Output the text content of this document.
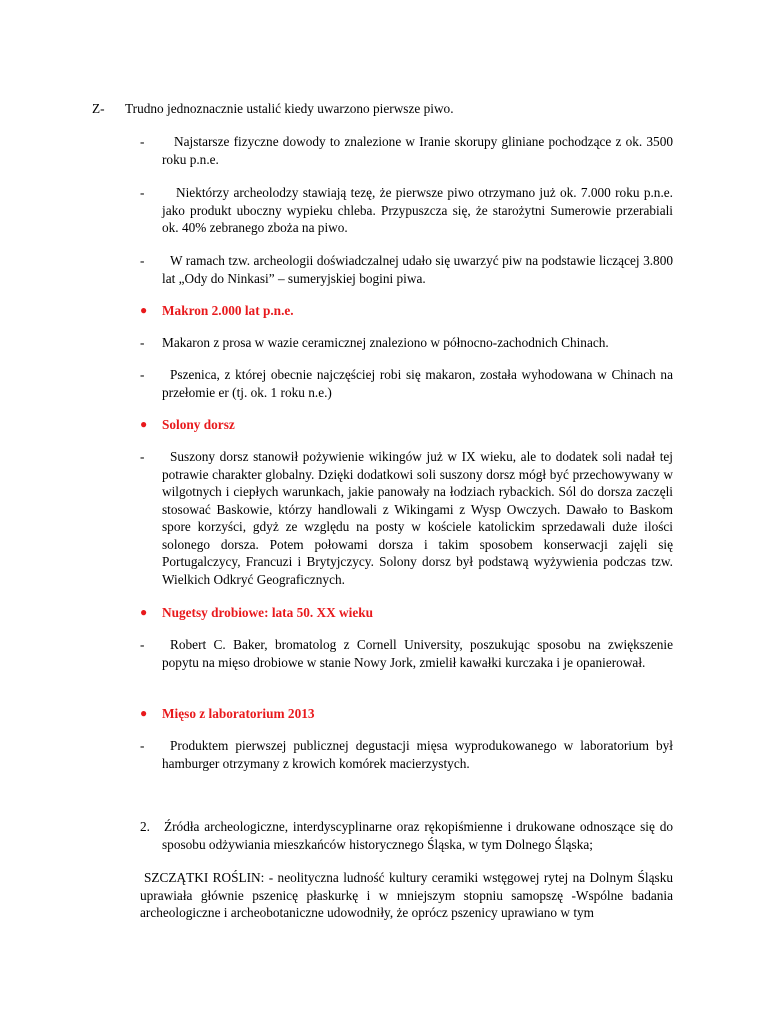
Z- Trudno jednoznacznie ustalić kiedy uwarzono pierwsze piwo.
-	Najstarsze fizyczne dowody to znalezione w Iranie skorupy gliniane pochodzące z ok. 3500 roku p.n.e.
-	Niektórzy archeolodzy stawiają tezę, że pierwsze piwo otrzymano już ok. 7.000 roku p.n.e. jako produkt uboczny wypieku chleba. Przypuszcza się, że starożytni Sumerowie przerabiali ok. 40% zebranego zboża na piwo.
-	W ramach tzw. archeologii doświadczalnej udało się uwarzyć piw na podstawie liczącej 3.800 lat „Ody do Ninkasi” – sumeryjskiej bogini piwa.
● Makron 2.000 lat p.n.e.
- Makaron z prosa w wazie ceramicznej znaleziono w północno-zachodnich Chinach.
-	Pszenica, z której obecnie najczęściej robi się makaron, została wyhodowana w Chinach na przełomie er (tj. ok. 1 roku n.e.)
● Solony dorsz
-	Suszony dorsz stanowił pożywienie wikingów już w IX wieku, ale to dodatek soli nadał tej potrawie charakter globalny. Dzięki dodatkowi soli suszony dorsz mógł być przechowywany w wilgotnych i ciepłych warunkach, jakie panowały na łodziach rybackich. Sól do dorsza zaczęli stosować Baskowie, którzy handlowali z Wikingami z Wysp Owczych. Dawało to Baskom spore korzyści, gdyż ze względu na posty w kościele katolickim sprzedawali duże ilości solonego dorsza. Potem połowami dorsza i takim sposobem konserwacji zajęli się Portugalczycy, Francuzi i Brytyjczycy. Solony dorsz był podstawą wyżywienia podczas tzw. Wielkich Odkryć Geograficznych.
● Nugetsy drobiowe: lata 50. XX wieku
-	Robert C. Baker, bromatolog z Cornell University, poszukując sposobu na zwiększenie popytu na mięso drobiowe w stanie Nowy Jork, zmielił kawałki kurczaka i je opanierował.
● Mięso z laboratorium 2013
-	Produktem pierwszej publicznej degustacji mięsa wyprodukowanego w laboratorium był hamburger otrzymany z krowich komórek macierzystych.
2. Źródła archeologiczne, interdyscyplinarne oraz rękopiśmienne i drukowane odnoszące się do sposobu odżywiania mieszkańców historycznego Śląska, w tym Dolnego Śląska;
SZCZĄTKI ROŚLIN: - neolityczna ludność kultury ceramiki wstęgowej rytej na Dolnym Śląsku uprawiała głównie pszenicę płaskurkę i w mniejszym stopniu samopszę -Wspólne badania archeologiczne i archeobotaniczne udowodniły, że oprócz pszenicy uprawiano w tym
